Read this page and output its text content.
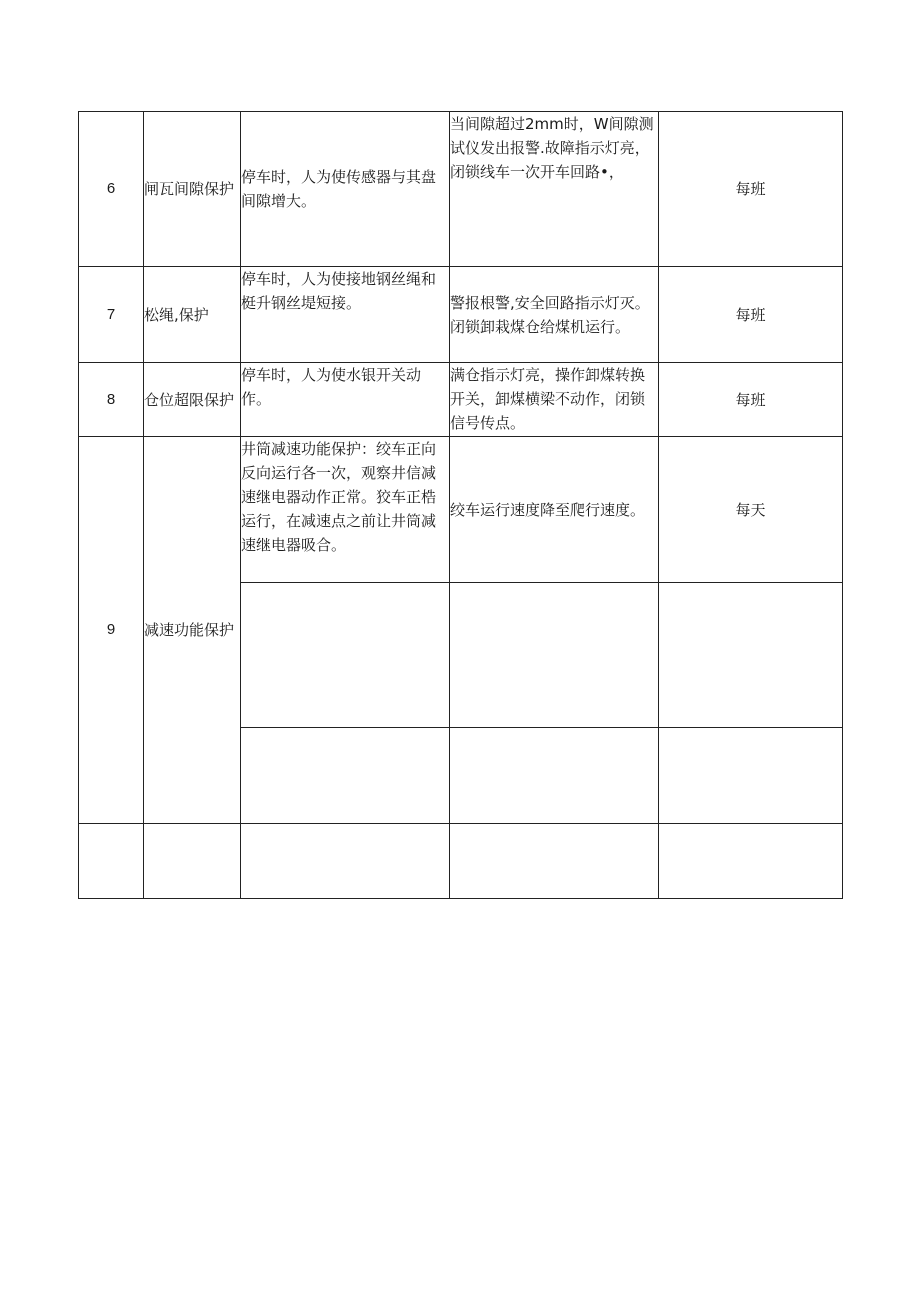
6	闸瓦间隙保护	停车时，人为使传感器与其盘间隙增大。	当间隙超过2mm时，W间隙测试仪发出报警.故障指示灯亮，闭锁线车一次开车回路•，	每班
7	松绳,保护	停车时，人为使接地钢丝绳和梃升钢丝堤短接。	警报根警,安全回路指示灯灭。闭锁卸栽煤仓给煤机运行。	每班
8	仓位超限保护	停车时，人为使水银开关动作。	满仓指示灯亮，操作卸煤转换开关，卸煤横梁不动作，闭锁信号传点。	每班
9	减速功能保护	井筒减速功能保护：绞车正向反向运行各一次，观察井信减速继电器动作正常。狡车正梏运行，在减速点之前让井筒减速继电器吸合。	绞车运行速度降至爬行速度。	每天
